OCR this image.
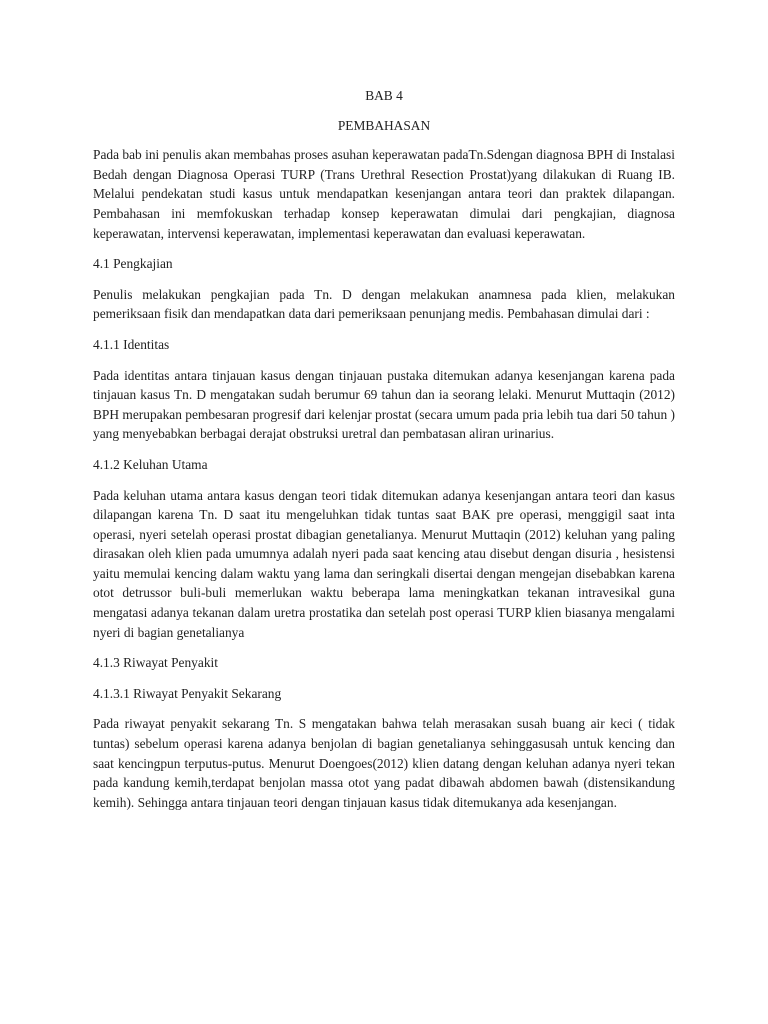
BAB 4

PEMBAHASAN

Pada bab ini penulis akan membahas proses asuhan keperawatan padaTn.Sdengan diagnosa BPH di Instalasi Bedah dengan Diagnosa Operasi TURP (Trans Urethral Resection Prostat)yang dilakukan di Ruang IB. Melalui pendekatan studi kasus untuk mendapatkan kesenjangan antara teori dan praktek dilapangan. Pembahasan ini memfokuskan terhadap konsep keperawatan dimulai dari pengkajian, diagnosa keperawatan, intervensi keperawatan, implementasi keperawatan dan evaluasi keperawatan.

4.1 Pengkajian

Penulis melakukan pengkajian pada Tn. D dengan melakukan anamnesa pada klien, melakukan pemeriksaan fisik dan mendapatkan data dari pemeriksaan penunjang medis. Pembahasan dimulai dari :

4.1.1 Identitas

Pada identitas antara tinjauan kasus dengan tinjauan pustaka ditemukan adanya kesenjangan karena pada tinjauan kasus Tn. D mengatakan sudah berumur 69 tahun dan ia seorang lelaki. Menurut Muttaqin (2012) BPH merupakan pembesaran progresif dari kelenjar prostat (secara umum pada pria lebih tua dari 50 tahun ) yang menyebabkan berbagai derajat obstruksi uretral dan pembatasan aliran urinarius.

4.1.2 Keluhan Utama

Pada keluhan utama antara kasus dengan teori tidak ditemukan adanya kesenjangan antara teori dan kasus dilapangan karena Tn. D saat itu mengeluhkan tidak tuntas saat BAK pre operasi, menggigil saat inta operasi, nyeri setelah operasi prostat dibagian genetalianya. Menurut Muttaqin (2012) keluhan yang paling dirasakan oleh klien pada umumnya adalah nyeri pada saat kencing atau disebut dengan disuria , hesistensi yaitu memulai kencing dalam waktu yang lama dan seringkali disertai dengan mengejan disebabkan karena otot detrussor buli-buli memerlukan waktu beberapa lama meningkatkan tekanan intravesikal guna mengatasi adanya tekanan dalam uretra prostatika dan setelah post operasi TURP klien biasanya mengalami nyeri di bagian genetalianya

4.1.3 Riwayat Penyakit

4.1.3.1 Riwayat Penyakit Sekarang

Pada riwayat penyakit sekarang Tn. S mengatakan bahwa telah merasakan susah buang air keci ( tidak tuntas) sebelum operasi karena adanya benjolan di bagian genetalianya sehinggasusah untuk kencing dan saat kencingpun terputus-putus. Menurut Doengoes(2012) klien datang dengan keluhan adanya nyeri tekan pada kandung kemih,terdapat benjolan massa otot yang padat dibawah abdomen bawah (distensikandung kemih). Sehingga antara tinjauan teori dengan tinjauan kasus tidak ditemukanya ada kesenjangan.
